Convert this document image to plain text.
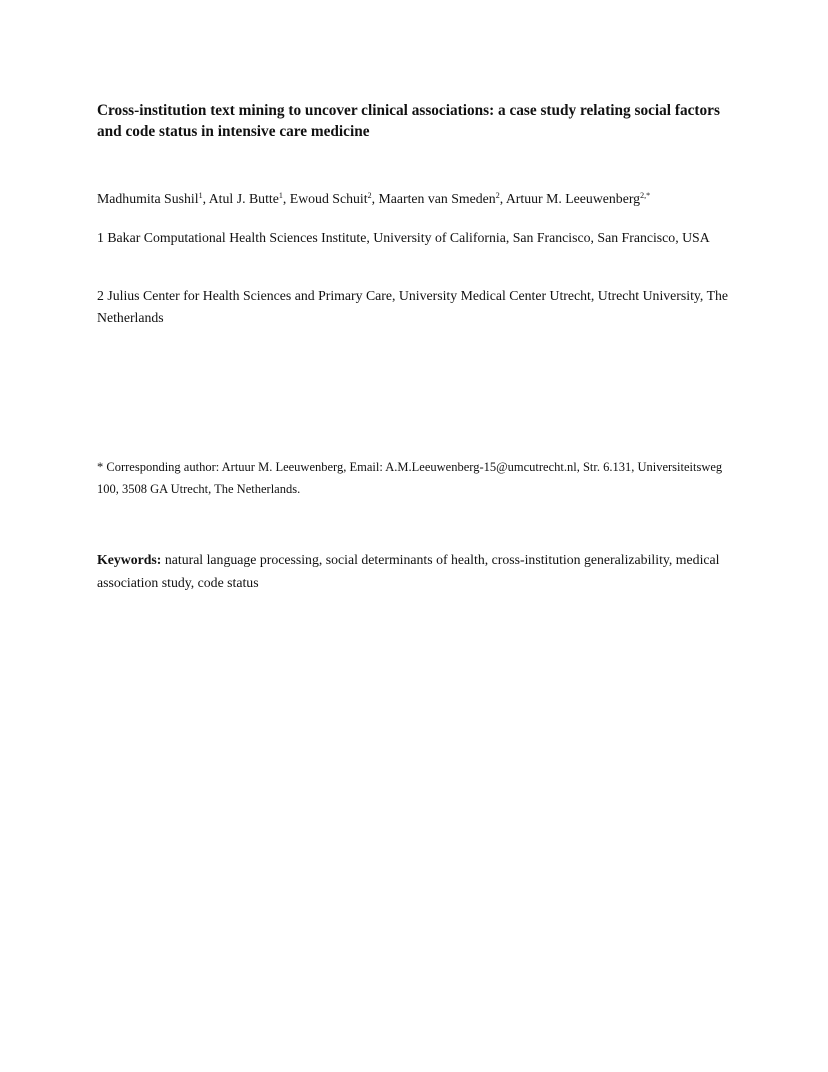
Cross-institution text mining to uncover clinical associations: a case study relating social factors and code status in intensive care medicine

Madhumita Sushil$^1$, Atul J. Butte$^1$, Ewoud Schuit$^2$, Maarten van Smeden$^2$, Artuur M. Leeuwenberg$^{2,*}$

1 Bakar Computational Health Sciences Institute, University of California, San Francisco, San Francisco, USA

2 Julius Center for Health Sciences and Primary Care, University Medical Center Utrecht, Utrecht University, The Netherlands

* Corresponding author: Artuur M. Leeuwenberg, Email: A.M.Leeuwenberg-15@umcutrecht.nl, Str. 6.131, Universiteitsweg 100, 3508 GA Utrecht, The Netherlands.

Keywords: natural language processing, social determinants of health, cross-institution generalizability, medical association study, code status
